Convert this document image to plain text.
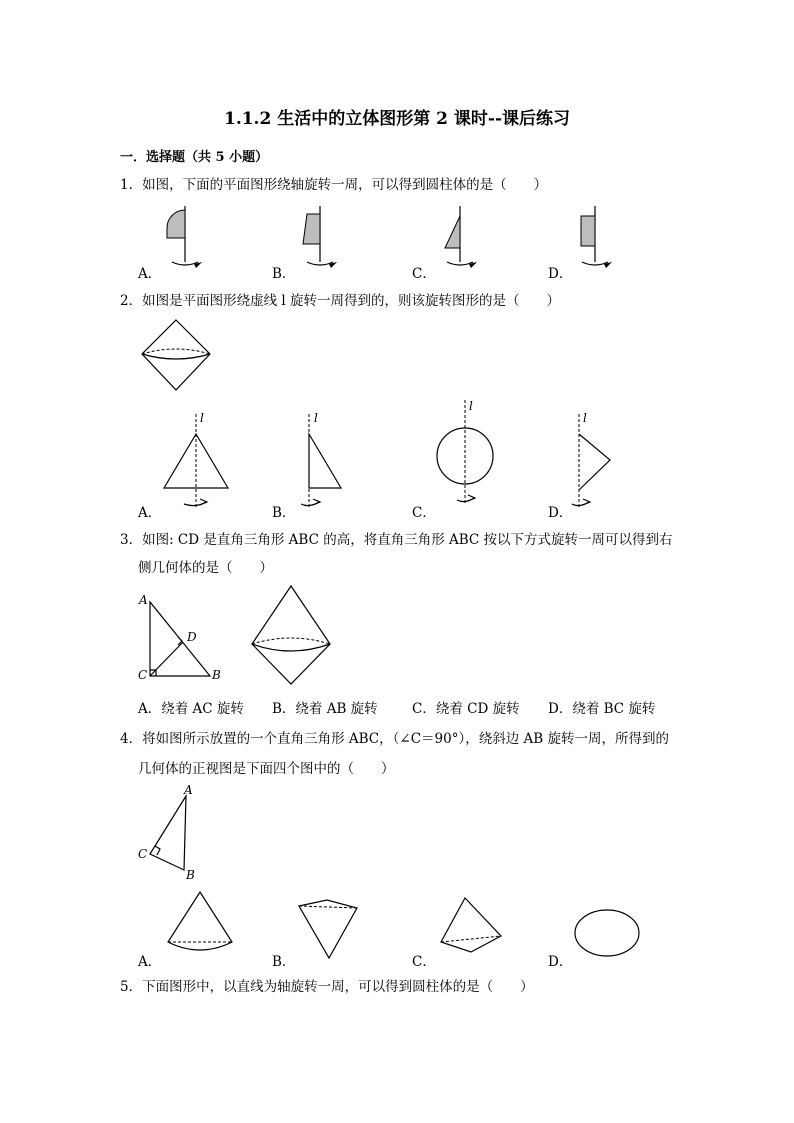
1.1.2 生活中的立体图形第 2 课时--课后练习
一．选择题（共 5 小题）
1．如图，下面的平面图形绕轴旋转一周，可以得到圆柱体的是（　　）
A．	B．	C．	D．
2．如图是平面图形绕虚线 l 旋转一周得到的，则该旋转图形的是（　　）
l
A．
l
B．
l
C．
l
D．
3．如图: CD 是直角三角形 ABC 的高，将直角三角形 ABC 按以下方式旋转一周可以得到右
侧几何体的是（　　）
A
D
C	B
A．绕着 AC 旋转 B．绕着 AB 旋转	C．绕着 CD 旋转 D．绕着 BC 旋转
4．将如图所示放置的一个直角三角形 ABC，（∠C＝90°），绕斜边 AB 旋转一周，所得到的
几何体的正视图是下面四个图中的（　　）
A
C
B
A．	B．	C．	D．
5．下面图形中，以直线为轴旋转一周，可以得到圆柱体的是（　　）
